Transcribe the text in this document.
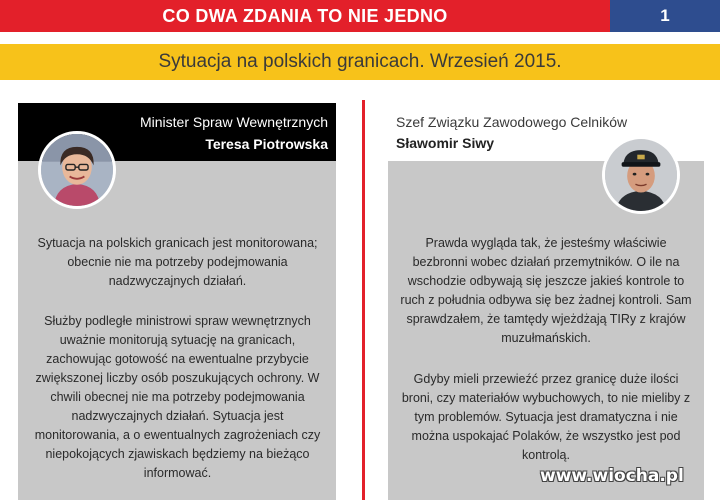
CO DWA ZDANIA TO NIE JEDNO	1
Sytuacja na polskich granicach. Wrzesień 2015.
Minister Spraw Wewnętrznych
Teresa Piotrowska
Szef Związku Zawodowego Celników
Sławomir Siwy
Sytuacja na polskich granicach jest monitorowana; obecnie nie ma potrzeby podejmowania nadzwyczajnych działań.
Służby podległe ministrowi spraw wewnętrznych uważnie monitorują sytuację na granicach, zachowując gotowość na ewentualne przybycie zwiększonej liczby osób poszukujących ochrony. W chwili obecnej nie ma potrzeby podejmowania nadzwyczajnych działań. Sytuacja jest monitorowania, a o ewentualnych zagrożeniach czy niepokojących zjawiskach będziemy na bieżąco informować.
Prawda wygląda tak, że jesteśmy właściwie bezbronni wobec działań przemytników. O ile na wschodzie odbywają się jeszcze jakieś kontrole to ruch z południa odbywa się bez żadnej kontroli. Sam sprawdzałem, że tamtędy wjeżdżają TIRy z krajów muzułmańskich.
Gdyby mieli przewieźć przez granicę duże ilości broni, czy materiałów wybuchowych, to nie mieliby z tym problemów. Sytuacja jest dramatyczna i nie można uspokajać Polaków, że wszystko jest pod kontrolą.
www.wiocha.pl
